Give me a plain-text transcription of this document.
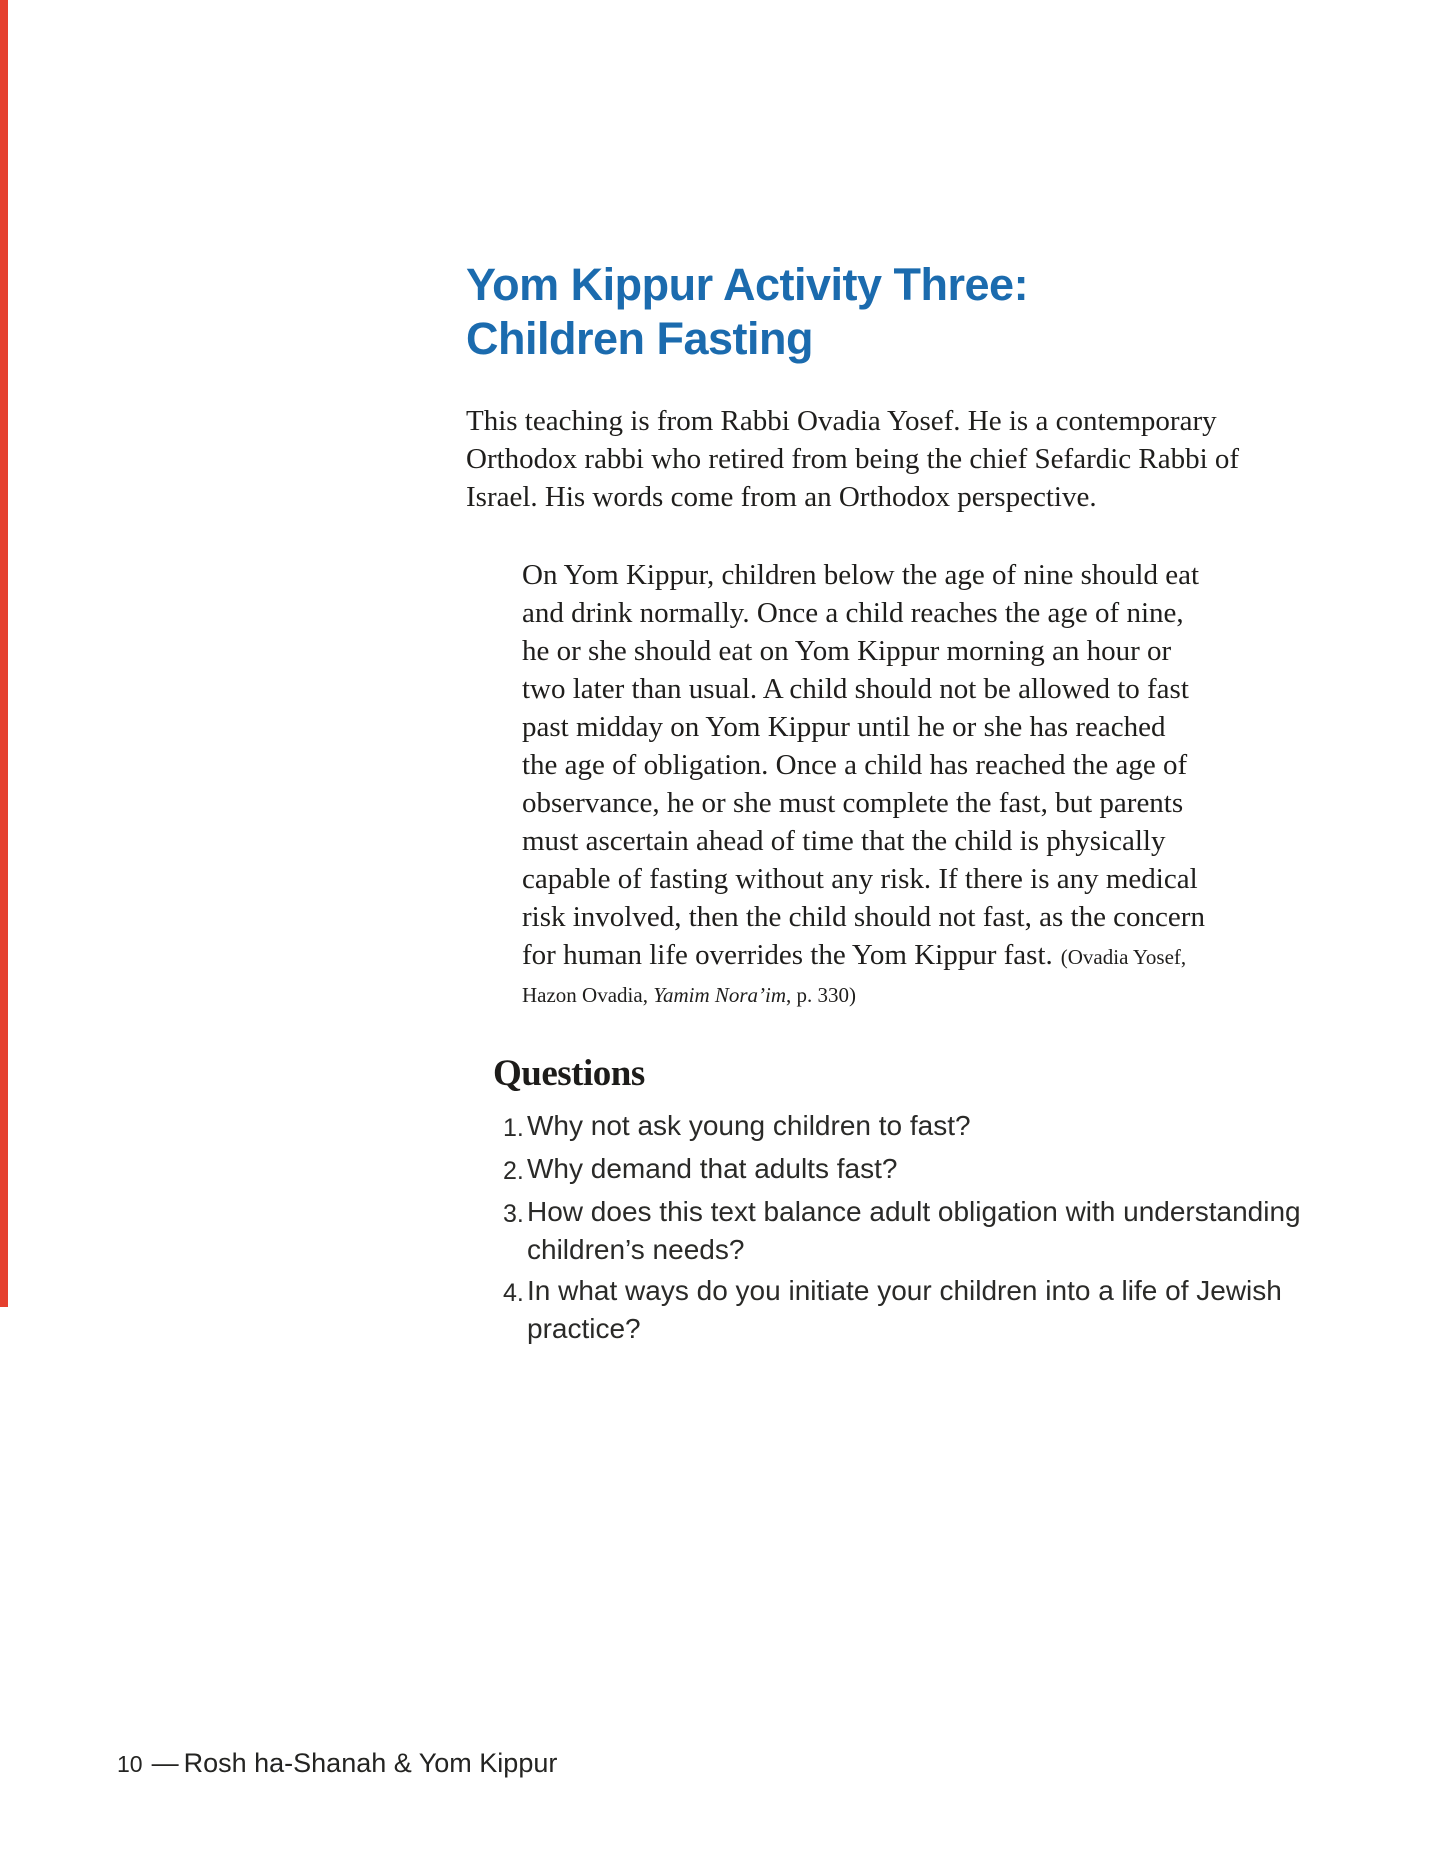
Yom Kippur Activity Three:
Children Fasting
This teaching is from Rabbi Ovadia Yosef. He is a contemporary
Orthodox rabbi who retired from being the chief Sefardic Rabbi of
Israel. His words come from an Orthodox perspective.
On Yom Kippur, children below the age of nine should eat
and drink normally. Once a child reaches the age of nine,
he or she should eat on Yom Kippur morning an hour or
two later than usual. A child should not be allowed to fast
past midday on Yom Kippur until he or she has reached
the age of obligation. Once a child has reached the age of
observance, he or she must complete the fast, but parents
must ascertain ahead of time that the child is physically
capable of fasting without any risk. If there is any medical
risk involved, then the child should not fast, as the concern
for human life overrides the Yom Kippur fast. (Ovadia Yosef,
Hazon Ovadia, Yamim Nora’im, p. 330)
Questions
1. Why not ask young children to fast?
2. Why demand that adults fast?
3. How does this text balance adult obligation with understanding
children’s needs?
4. In what ways do you initiate your children into a life of Jewish
practice?
10 — Rosh ha-Shanah & Yom Kippur
